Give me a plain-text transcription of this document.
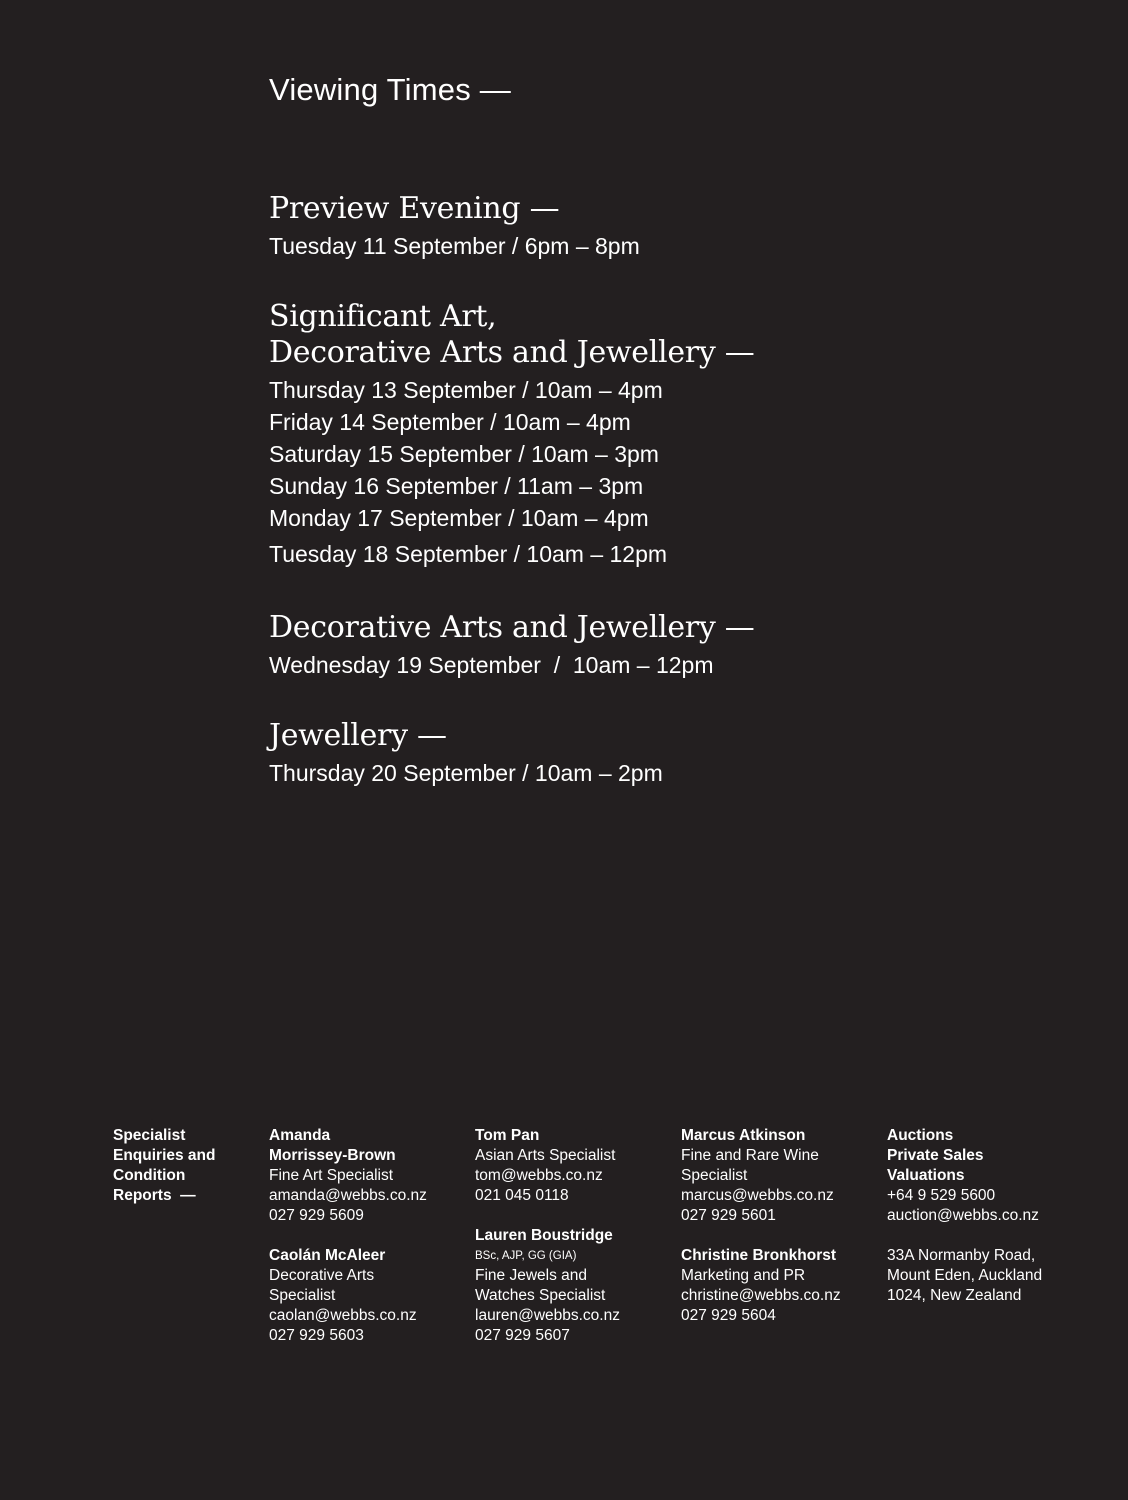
Viewing Times —
Preview Evening —
Tuesday 11 September / 6pm – 8pm
Significant Art,
Decorative Arts and Jewellery —
Thursday 13 September / 10am – 4pm
Friday 14 September / 10am – 4pm
Saturday 15 September / 10am – 3pm
Sunday 16 September / 11am – 3pm
Monday 17 September / 10am – 4pm
Tuesday 18 September / 10am – 12pm
Decorative Arts and Jewellery —
Wednesday 19 September  /  10am – 12pm
Jewellery —
Thursday 20 September / 10am – 2pm
Specialist
Enquiries and
Condition
Reports  —
Amanda
Morrissey-Brown
Fine Art Specialist
amanda@webbs.co.nz
027 929 5609
Caolán McAleer
Decorative Arts
Specialist
caolan@webbs.co.nz
027 929 5603
Tom Pan
Asian Arts Specialist
tom@webbs.co.nz
021 045 0118
Lauren Boustridge
BSc, AJP, GG (GIA)
Fine Jewels and
Watches Specialist
lauren@webbs.co.nz
027 929 5607
Marcus Atkinson
Fine and Rare Wine
Specialist
marcus@webbs.co.nz
027 929 5601
Christine Bronkhorst
Marketing and PR
christine@webbs.co.nz
027 929 5604
Auctions
Private Sales
Valuations
+64 9 529 5600
auction@webbs.co.nz
33A Normanby Road,
Mount Eden, Auckland
1024, New Zealand
